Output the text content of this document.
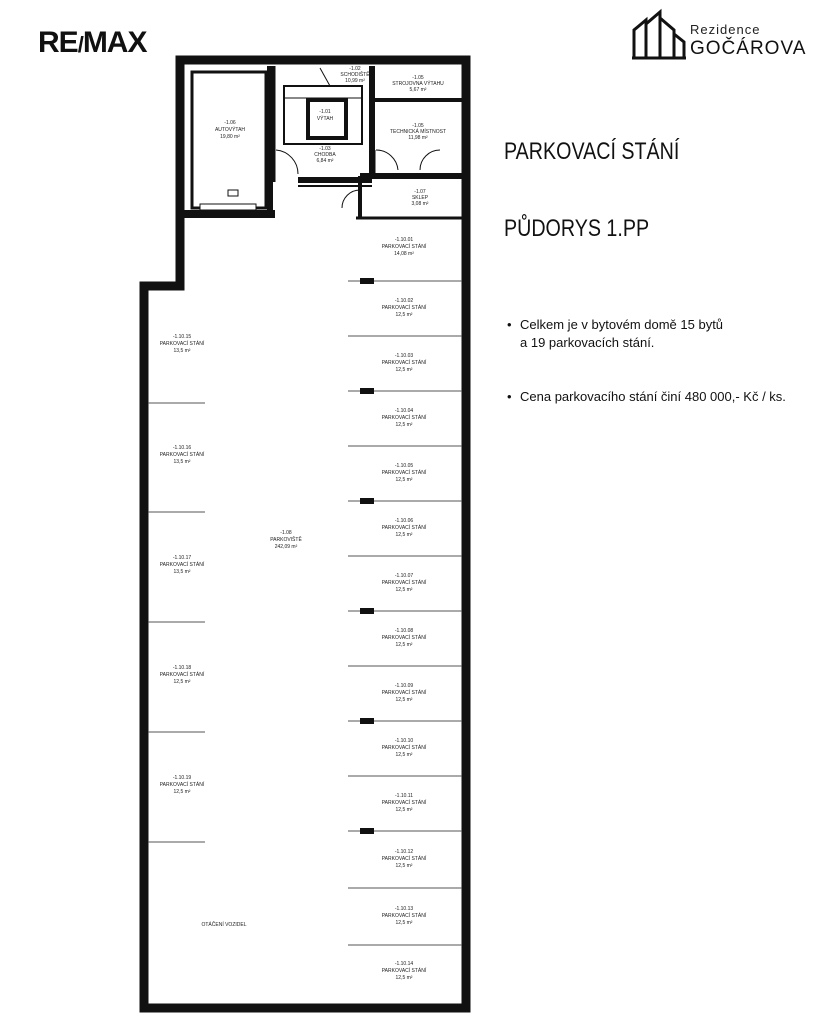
RE/MAX	Rezidence
GOČÁROVA
PARKOVACÍ STÁNÍ
PŮDORYS 1.PP
• Celkem je v bytovém domě 15 bytů
a 19 parkovacích stání.
• Cena parkovacího stání činí 480 000,- Kč / ks.
-1.06
AUTOVÝTAH
19,80 m²
-1.02
SCHODIŠTĚ
10,99 m²
-1.01
VÝTAH
-1.03
CHODBA
6,84 m²
-1.05
STROJOVNA VÝTAHU
5,67 m²
-1.05
TECHNICKÁ MÍSTNOST
11,98 m²
-1.07
SKLEP
3,08 m²
-1.08
PARKOVIŠTĚ
242,09 m²
OTÁČENÍ VOZIDEL
-1.10.01
PARKOVACÍ STÁNÍ
14,08 m²
-1.10.02
PARKOVACÍ STÁNÍ
12,5 m²
-1.10.03
PARKOVACÍ STÁNÍ
12,5 m²
-1.10.04
PARKOVACÍ STÁNÍ
12,5 m²
-1.10.05
PARKOVACÍ STÁNÍ
12,5 m²
-1.10.06
PARKOVACÍ STÁNÍ
12,5 m²
-1.10.07
PARKOVACÍ STÁNÍ
12,5 m²
-1.10.08
PARKOVACÍ STÁNÍ
12,5 m²
-1.10.09
PARKOVACÍ STÁNÍ
12,5 m²
-1.10.10
PARKOVACÍ STÁNÍ
12,5 m²
-1.10.11
PARKOVACÍ STÁNÍ
12,5 m²
-1.10.12
PARKOVACÍ STÁNÍ
12,5 m²
-1.10.13
PARKOVACÍ STÁNÍ
12,5 m²
-1.10.14
PARKOVACÍ STÁNÍ
12,5 m²
-1.10.15
PARKOVACÍ STÁNÍ
13,5 m²
-1.10.16
PARKOVACÍ STÁNÍ
13,5 m²
-1.10.17
PARKOVACÍ STÁNÍ
13,5 m²
-1.10.18
PARKOVACÍ STÁNÍ
12,5 m²
-1.10.19
PARKOVACÍ STÁNÍ
12,5 m²
